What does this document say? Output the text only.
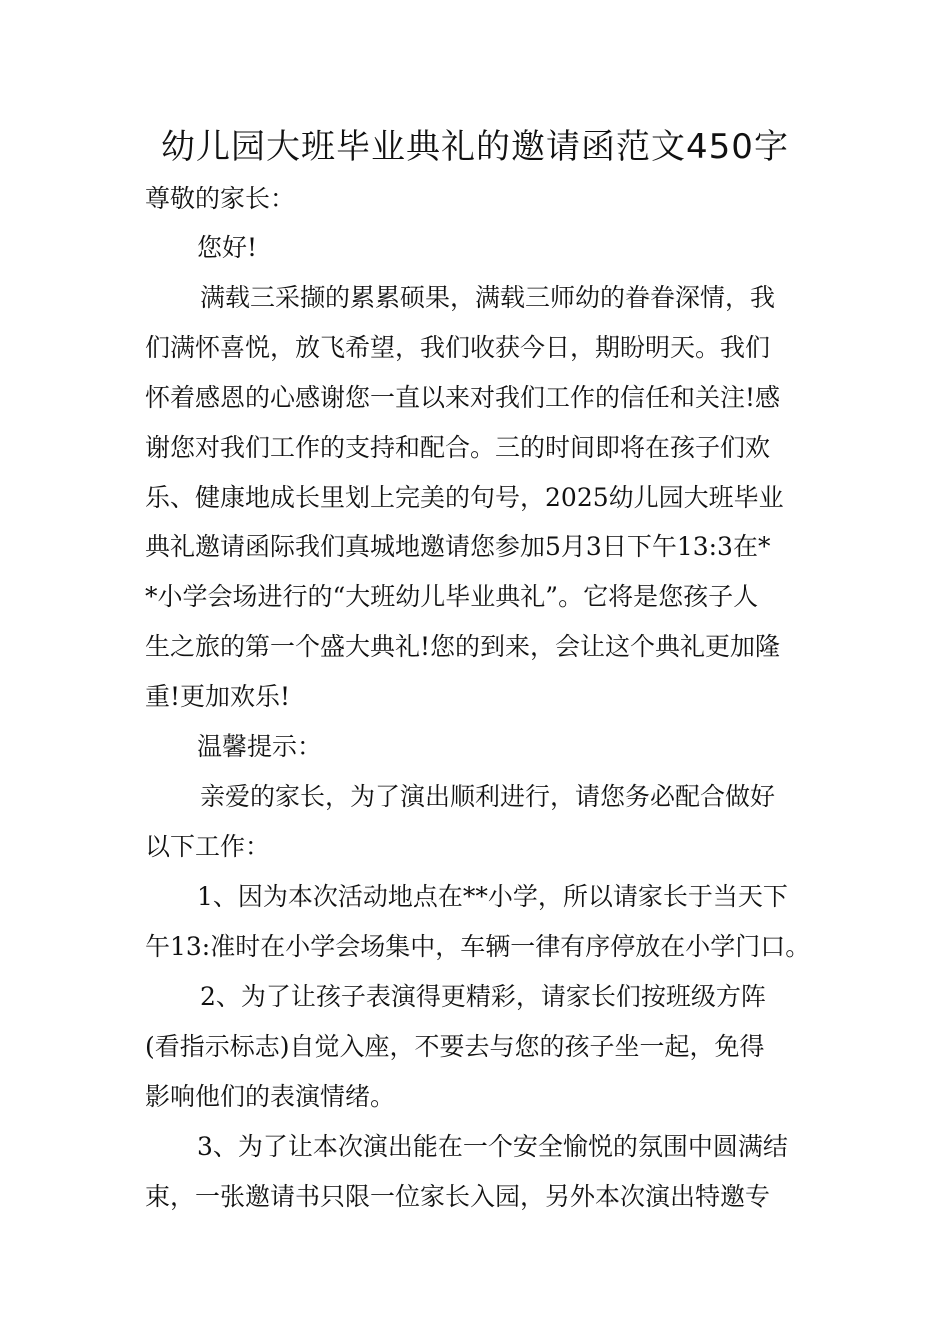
幼儿园大班毕业典礼的邀请函范文450字

尊敬的家长：

您好!

满载三采撷的累累硕果，满载三师幼的眷眷深情，我

们满怀喜悦，放飞希望，我们收获今日，期盼明天。我们

怀着感恩的心感谢您一直以来对我们工作的信任和关注!感

谢您对我们工作的支持和配合。三的时间即将在孩子们欢

乐、健康地成长里划上完美的句号，2025幼儿园大班毕业

典礼邀请函际我们真城地邀请您参加5月3日下午13:3在*

*小学会场进行的“大班幼儿毕业典礼”。它将是您孩子人

生之旅的第一个盛大典礼!您的到来，会让这个典礼更加隆

重!更加欢乐!

温馨提示：

亲爱的家长，为了演出顺利进行，请您务必配合做好

以下工作：

1、因为本次活动地点在**小学，所以请家长于当天下

午13:准时在小学会场集中，车辆一律有序停放在小学门口。

2、为了让孩子表演得更精彩，请家长们按班级方阵

(看指示标志)自觉入座，不要去与您的孩子坐一起，免得

影响他们的表演情绪。

3、为了让本次演出能在一个安全愉悦的氛围中圆满结

束，一张邀请书只限一位家长入园，另外本次演出特邀专
